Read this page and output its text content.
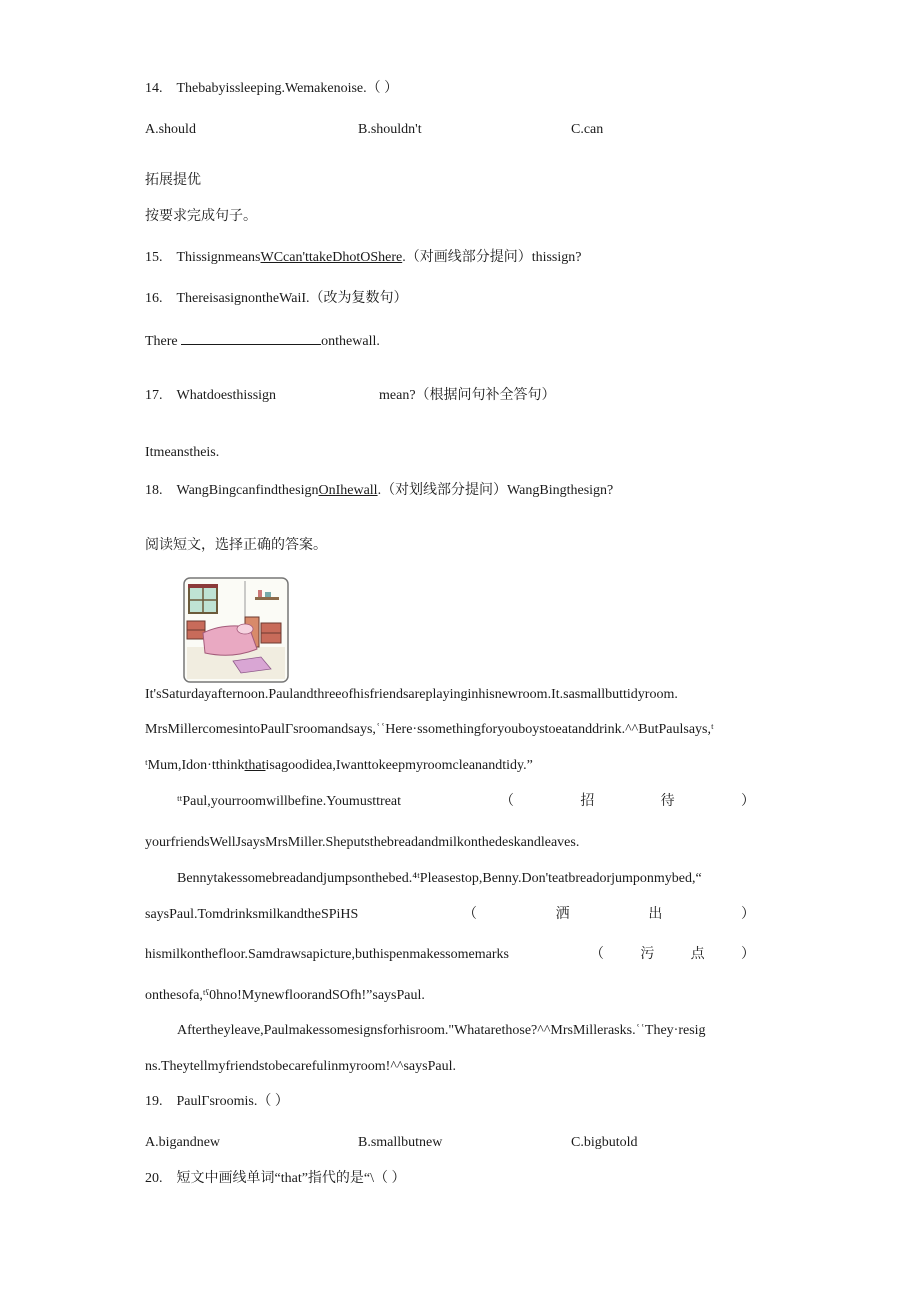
14. Thebabyissleeping.Wemakenoise.（ ）
A.should	B.shouldn't	C.can
拓展提优
按要求完成句子。
15. ThissignmeansWCcan'ttakeDhotOShere.（对画线部分提问）thissign?
16. ThereisasignontheWaiI.（改为复数句）
There	onthewall.
17. Whatdoesthissign	mean?（根据问句补全答句）
Itmeanstheis.
18. WangBingcanfindthesignOnIhewall.（对划线部分提问）WangBingthesign?
阅读短文，选择正确的答案。
It'sSaturdayafternoon.Paulandthreeofhisfriendsareplayinginhisnewroom.It.sasmallbuttidyroom.
MrsMillercomesintoPaulΓsroomandsays,ʿʿHere·ssomethingforyouboystoeatanddrink.^^ButPaulsays,ᵗ
ᵗMum,Idon·tthinkthatisagoodidea,Iwanttokeepmyroomcleanandtidy.”
ᵗᵗPaul,yourroomwillbefine.Youmusttreat	（	招	待	）
yourfriendsWellJsaysMrsMiller.Sheputsthebreadandmilkonthedeskandleaves.
Bennytakessomebreadandjumpsonthebed.⁴ᵗPleasestop,Benny.Don'teatbreadorjumponmybed,“
saysPaul.TomdrinksmilkandtheSPiHS	（	洒	出	）
hismilkonthefloor.Samdrawsapicture,buthispenmakessomemarks	（	污	点	）
onthesofa,ᵗˤ0hno!MynewfloorandSOfh!”saysPaul.
Aftertheyleave,Paulmakessomesignsforhisroom."Whatarethose?^^MrsMillerasks.ʿʿThey·resig
ns.Theytellmyfriendstobecarefulinmyroom!^^saysPaul.
19. PaulΓsroomis.（ ）
A.bigandnew	B.smallbutnew	C.bigbutold
20. 短文中画线单词“that”指代的是“\（ ）
